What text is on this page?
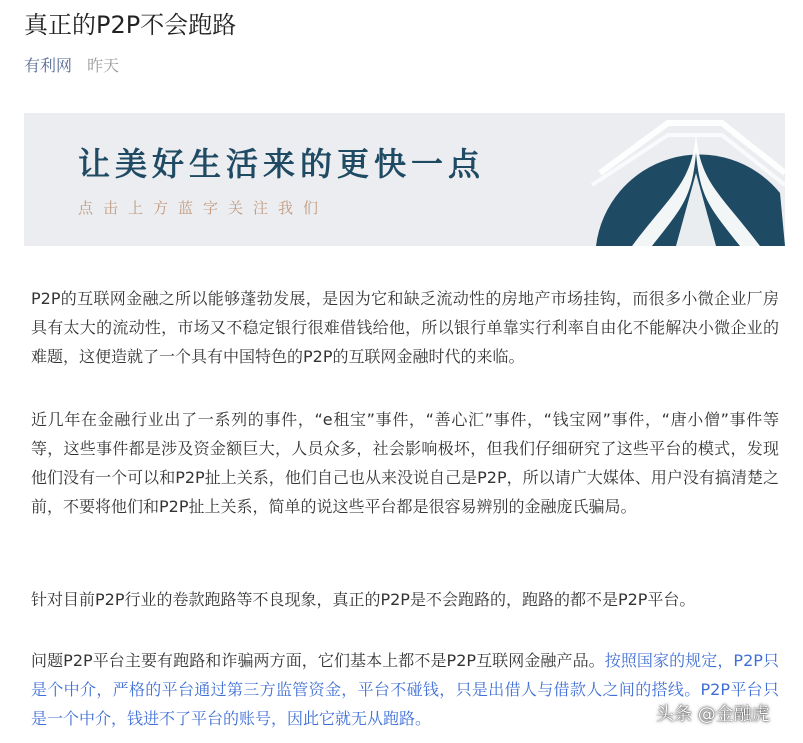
真正的P2P不会跑路
有利网 昨天
让美好生活来的更快一点
点击上方蓝字关注我们

P2P的互联网金融之所以能够蓬勃发展，是因为它和缺乏流动性的房地产市场挂钩，而很多小微企业厂房具有太大的流动性，市场又不稳定银行很难借钱给他，所以银行单靠实行利率自由化不能解决小微企业的难题，这便造就了一个具有中国特色的P2P的互联网金融时代的来临。

近几年在金融行业出了一系列的事件，“e租宝”事件，“善心汇”事件，“钱宝网”事件，“唐小僧”事件等等，这些事件都是涉及资金额巨大，人员众多，社会影响极坏，但我们仔细研究了这些平台的模式，发现他们没有一个可以和P2P扯上关系，他们自己也从来没说自己是P2P，所以请广大媒体、用户没有搞清楚之前，不要将他们和P2P扯上关系，简单的说这些平台都是很容易辨别的金融庞氏骗局。

针对目前P2P行业的卷款跑路等不良现象，真正的P2P是不会跑路的，跑路的都不是P2P平台。

问题P2P平台主要有跑路和诈骗两方面，它们基本上都不是P2P互联网金融产品。按照国家的规定，P2P只是个中介，严格的平台通过第三方监管资金，平台不碰钱，只是出借人与借款人之间的搭线。P2P平台只是一个中介，钱进不了平台的账号，因此它就无从跑路。	头条 @金融虎
